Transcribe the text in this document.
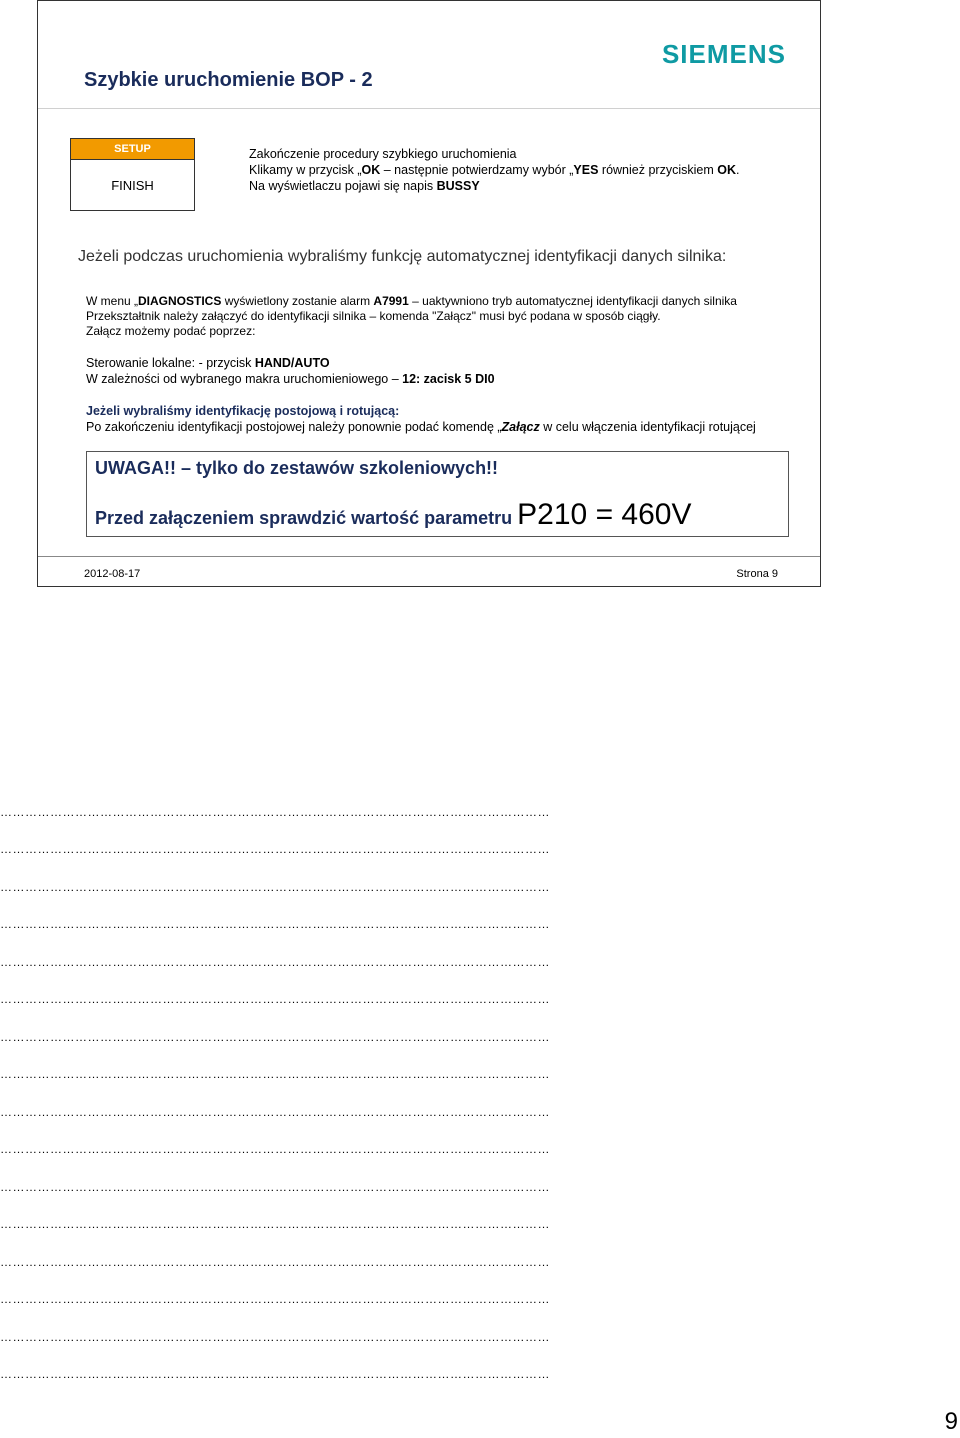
Szybkie uruchomienie BOP - 2
SIEMENS
SETUP
FINISH
Zakończenie procedury szybkiego uruchomienia
Klikamy w przycisk „OK – następnie potwierdzamy wybór „YES również przyciskiem OK.
Na wyświetlaczu pojawi się napis BUSSY
Jeżeli podczas uruchomienia wybraliśmy funkcję automatycznej identyfikacji danych silnika:
W menu „DIAGNOSTICS wyświetlony zostanie alarm A7991 – uaktywniono tryb automatycznej identyfikacji danych silnika
Przekształtnik należy załączyć do identyfikacji silnika – komenda "Załącz" musi być podana w sposób ciągły.
Załącz możemy podać poprzez:
Sterowanie lokalne: - przycisk HAND/AUTO
W zależności od wybranego makra uruchomieniowego – 12: zacisk 5 DI0
Jeżeli wybraliśmy identyfikację postojową i rotującą:
Po zakończeniu identyfikacji postojowej należy ponownie podać komendę „Załącz w celu włączenia identyfikacji rotującej
UWAGA!! – tylko do zestawów szkoleniowych!!
Przed załączeniem sprawdzić wartość parametru P210 = 460V
2012-08-17	Strona 9
……………………………………………………………………………………………………………………
……………………………………………………………………………………………………………………
……………………………………………………………………………………………………………………
……………………………………………………………………………………………………………………
……………………………………………………………………………………………………………………
……………………………………………………………………………………………………………………
……………………………………………………………………………………………………………………
……………………………………………………………………………………………………………………
……………………………………………………………………………………………………………………
……………………………………………………………………………………………………………………
……………………………………………………………………………………………………………………
……………………………………………………………………………………………………………………
……………………………………………………………………………………………………………………
……………………………………………………………………………………………………………………
……………………………………………………………………………………………………………………
……………………………………………………………………………………………………………………
9
